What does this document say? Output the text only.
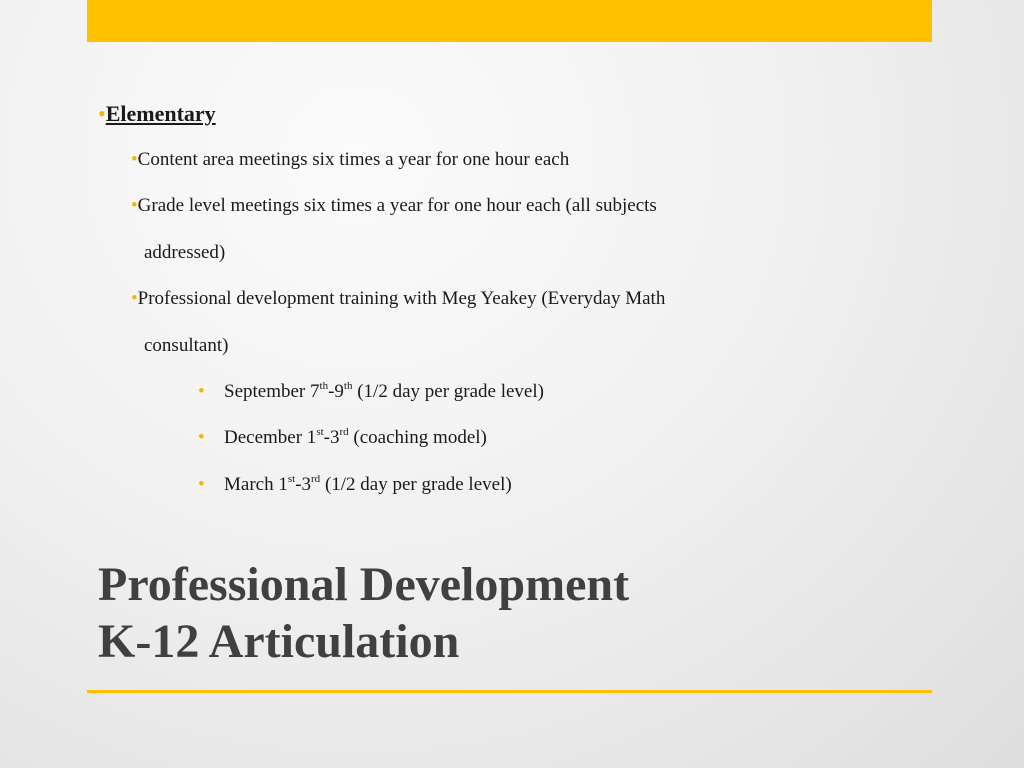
•Elementary
•Content area meetings six times a year for one hour each
•Grade level meetings six times a year for one hour each (all subjects
addressed)
•Professional development training with Meg Yeakey (Everyday Math
consultant)
• September 7th-9th (1/2 day per grade level)
• December 1st-3rd (coaching model)
• March 1st-3rd (1/2 day per grade level)
Professional Development
K-12 Articulation
